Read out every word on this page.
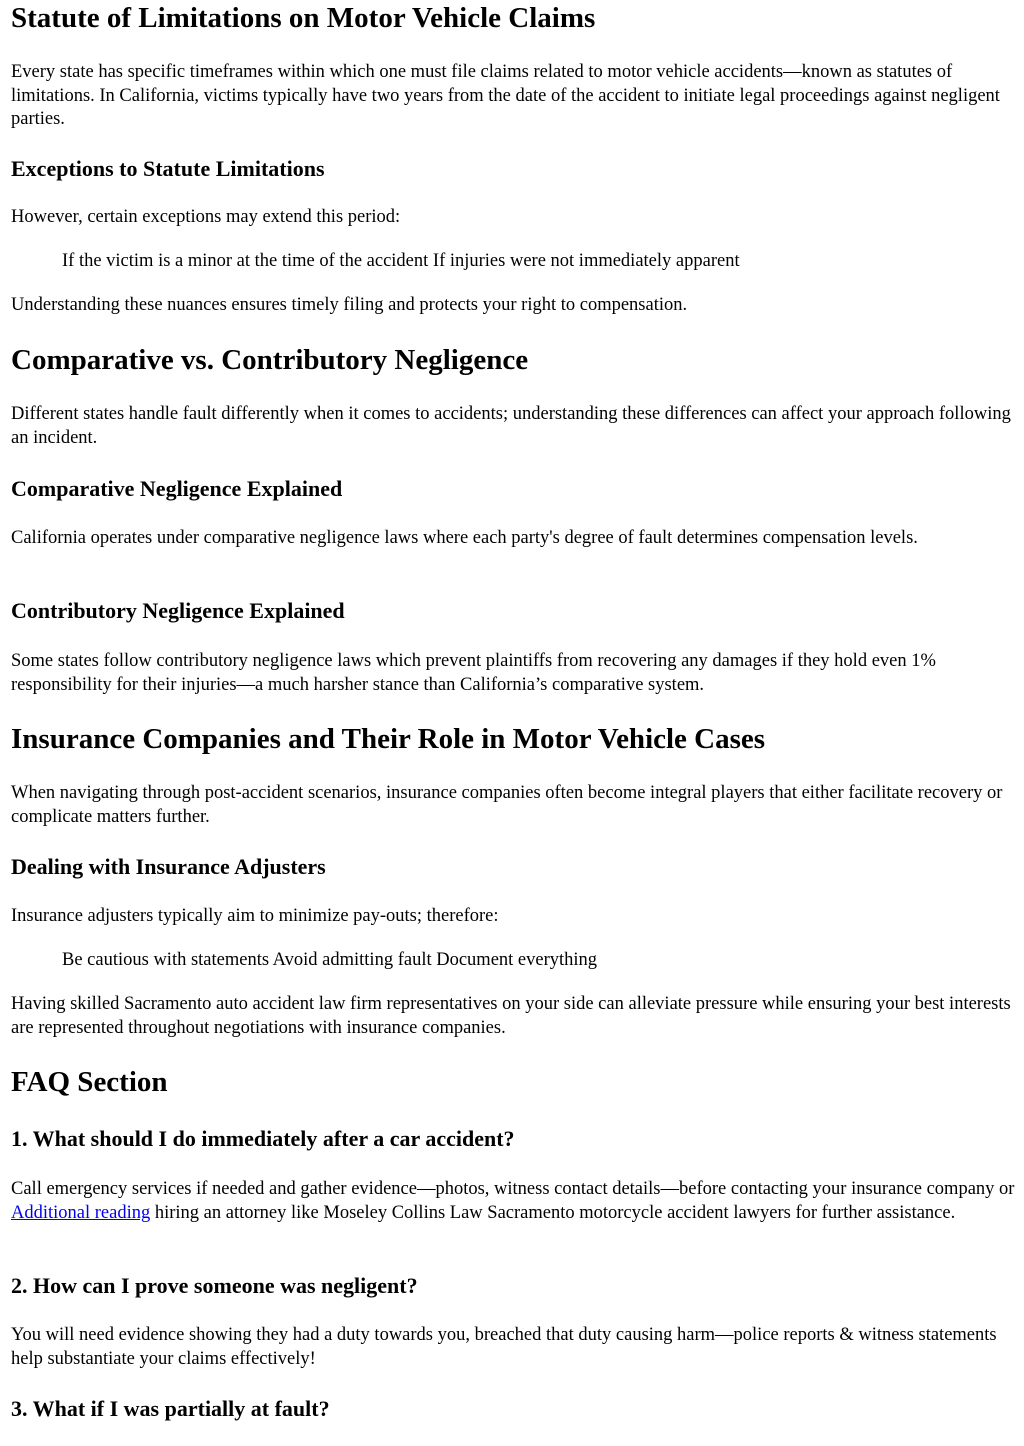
Statute of Limitations on Motor Vehicle Claims

Every state has specific timeframes within which one must file claims related to motor vehicle accidents—known as statutes of limitations. In California, victims typically have two years from the date of the accident to initiate legal proceedings against negligent parties.

Exceptions to Statute Limitations

However, certain exceptions may extend this period:

If the victim is a minor at the time of the accident If injuries were not immediately apparent

Understanding these nuances ensures timely filing and protects your right to compensation.

Comparative vs. Contributory Negligence

Different states handle fault differently when it comes to accidents; understanding these differences can affect your approach following an incident.

Comparative Negligence Explained

California operates under comparative negligence laws where each party's degree of fault determines compensation levels.

Contributory Negligence Explained

Some states follow contributory negligence laws which prevent plaintiffs from recovering any damages if they hold even 1% responsibility for their injuries—a much harsher stance than California’s comparative system.

Insurance Companies and Their Role in Motor Vehicle Cases

When navigating through post-accident scenarios, insurance companies often become integral players that either facilitate recovery or complicate matters further.

Dealing with Insurance Adjusters

Insurance adjusters typically aim to minimize pay-outs; therefore:

Be cautious with statements Avoid admitting fault Document everything

Having skilled Sacramento auto accident law firm representatives on your side can alleviate pressure while ensuring your best interests are represented throughout negotiations with insurance companies.

FAQ Section
1. What should I do immediately after a car accident?

Call emergency services if needed and gather evidence—photos, witness contact details—before contacting your insurance company or Additional reading hiring an attorney like Moseley Collins Law Sacramento motorcycle accident lawyers for further assistance.

2. How can I prove someone was negligent?

You will need evidence showing they had a duty towards you, breached that duty causing harm—police reports & witness statements help substantiate your claims effectively!

3. What if I was partially at fault?
